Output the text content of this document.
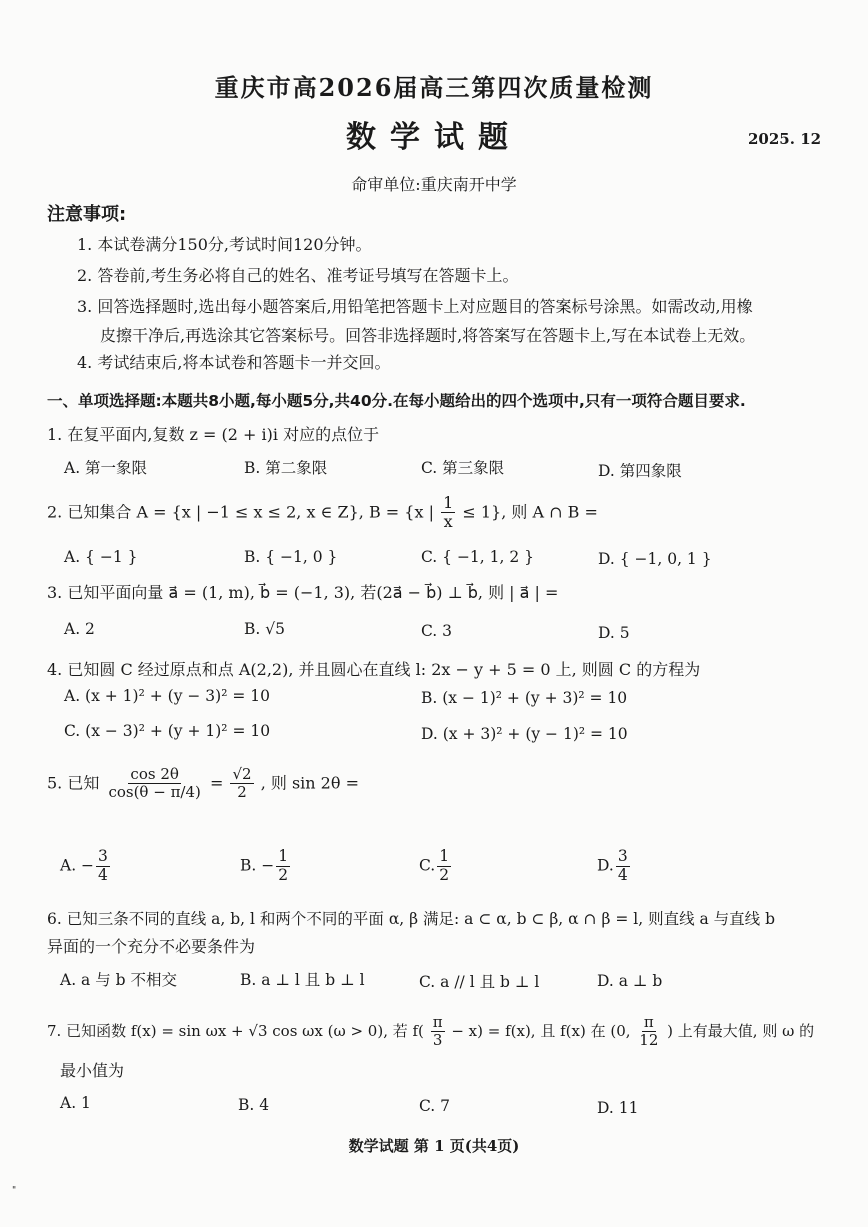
重庆市高2026届高三第四次质量检测
数学试题	2025. 12
命审单位:重庆南开中学
注意事项:
1. 本试卷满分150分,考试时间120分钟。
2. 答卷前,考生务必将自己的姓名、准考证号填写在答题卡上。
3. 回答选择题时,选出每小题答案后,用铅笔把答题卡上对应题目的答案标号涂黑。如需改动,用橡
皮擦干净后,再选涂其它答案标号。回答非选择题时,将答案写在答题卡上,写在本试卷上无效。
4. 考试结束后,将本试卷和答题卡一并交回。
一、单项选择题:本题共8小题,每小题5分,共40分.在每小题给出的四个选项中,只有一项符合题目要求.
1. 在复平面内,复数 z = (2 + i)i 对应的点位于
A. 第一象限	B. 第二象限	C. 第三象限	D. 第四象限
2. 已知集合 A = {x | −1 ≤ x ≤ 2, x ∈ Z}, B = {x | $\frac{1}{x} \le 1$}, 则 A ∩ B =
A. { −1 }	B. { −1, 0 }	C. { −1, 1, 2 }	D. { −1, 0, 1 }
3. 已知平面向量 a⃗ = (1, m), b⃗ = (−1, 3), 若(2a⃗ − b⃗) ⊥ b⃗, 则 | a⃗ | =
A. 2	B. √5	C. 3	D. 5
4. 已知圆 C 经过原点和点 A(2,2), 并且圆心在直线 l: 2x − y + 5 = 0 上, 则圆 C 的方程为
A. (x + 1)² + (y − 3)² = 10	B. (x − 1)² + (y + 3)² = 10
C. (x − 3)² + (y + 1)² = 10	D. (x + 3)² + (y − 1)² = 10
5. 已知 $\frac{\cos 2\theta}{\cos(\theta - \pi/4)} = \frac{√2}{2}$ , 则 sin 2θ =
A. − $\frac{3}{4}$	B. − $\frac{1}{2}$	C. $\frac{1}{2}$	D. $\frac{3}{4}$
6. 已知三条不同的直线 a, b, l 和两个不同的平面 α, β 满足: a ⊂ α, b ⊂ β, α ∩ β = l, 则直线 a 与直线 b
异面的一个充分不必要条件为
A. a 与 b 不相交	B. a ⊥ l 且 b ⊥ l	C. a // l 且 b ⊥ l	D. a ⊥ b
7. 已知函数 f(x) = sin ωx + √3 cos ωx (ω > 0), 若 $f( \frac{\pi}{3} - x) = f(x)$, 且 f(x) 在 (0, $\frac{\pi}{12}$ ) 上有最大值, 则 ω 的
最小值为
A. 1	B. 4	C. 7	D. 11
数学试题 第 1 页(共4页)
"
